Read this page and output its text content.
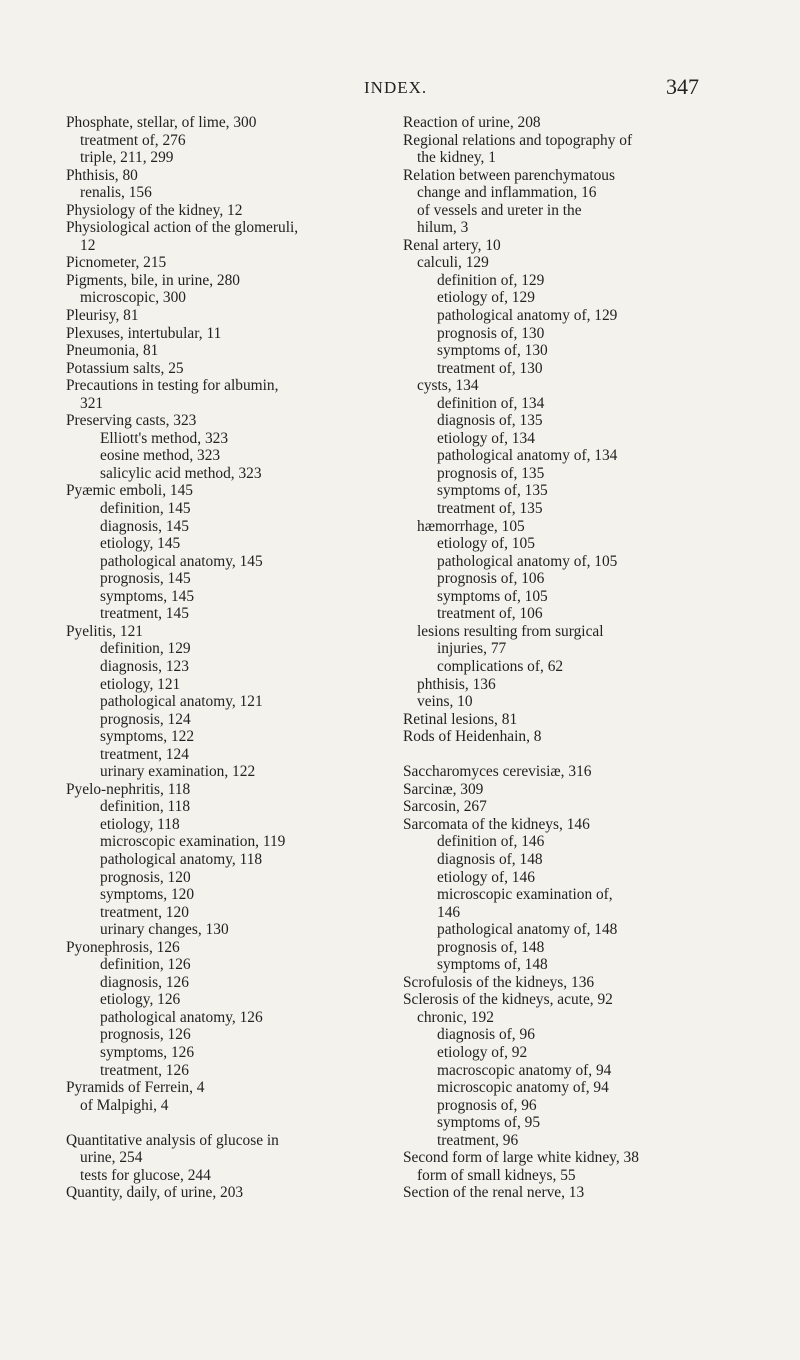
INDEX.	347
Phosphate, stellar, of lime, 300
treatment of, 276
triple, 211, 299
Phthisis, 80
renalis, 156
Physiology of the kidney, 12
Physiological action of the glomeruli,
12
Picnometer, 215
Pigments, bile, in urine, 280
microscopic, 300
Pleurisy, 81
Plexuses, intertubular, 11
Pneumonia, 81
Potassium salts, 25
Precautions in testing for albumin,
321
Preserving casts, 323
Elliott's method, 323
eosine method, 323
salicylic acid method, 323
Pyæmic emboli, 145
definition, 145
diagnosis, 145
etiology, 145
pathological anatomy, 145
prognosis, 145
symptoms, 145
treatment, 145
Pyelitis, 121
definition, 129
diagnosis, 123
etiology, 121
pathological anatomy, 121
prognosis, 124
symptoms, 122
treatment, 124
urinary examination, 122
Pyelo-nephritis, 118
definition, 118
etiology, 118
microscopic examination, 119
pathological anatomy, 118
prognosis, 120
symptoms, 120
treatment, 120
urinary changes, 130
Pyonephrosis, 126
definition, 126
diagnosis, 126
etiology, 126
pathological anatomy, 126
prognosis, 126
symptoms, 126
treatment, 126
Pyramids of Ferrein, 4
of Malpighi, 4
Quantitative analysis of glucose in
urine, 254
tests for glucose, 244
Quantity, daily, of urine, 203
Reaction of urine, 208
Regional relations and topography of
the kidney, 1
Relation between parenchymatous
change and inflammation, 16
of vessels and ureter in the
hilum, 3
Renal artery, 10
calculi, 129
definition of, 129
etiology of, 129
pathological anatomy of, 129
prognosis of, 130
symptoms of, 130
treatment of, 130
cysts, 134
definition of, 134
diagnosis of, 135
etiology of, 134
pathological anatomy of, 134
prognosis of, 135
symptoms of, 135
treatment of, 135
hæmorrhage, 105
etiology of, 105
pathological anatomy of, 105
prognosis of, 106
symptoms of, 105
treatment of, 106
lesions resulting from surgical
injuries, 77
complications of, 62
phthisis, 136
veins, 10
Retinal lesions, 81
Rods of Heidenhain, 8
Saccharomyces cerevisiæ, 316
Sarcinæ, 309
Sarcosin, 267
Sarcomata of the kidneys, 146
definition of, 146
diagnosis of, 148
etiology of, 146
microscopic examination of,
146
pathological anatomy of, 148
prognosis of, 148
symptoms of, 148
Scrofulosis of the kidneys, 136
Sclerosis of the kidneys, acute, 92
chronic, 192
diagnosis of, 96
etiology of, 92
macroscopic anatomy of, 94
microscopic anatomy of, 94
prognosis of, 96
symptoms of, 95
treatment, 96
Second form of large white kidney, 38
form of small kidneys, 55
Section of the renal nerve, 13
